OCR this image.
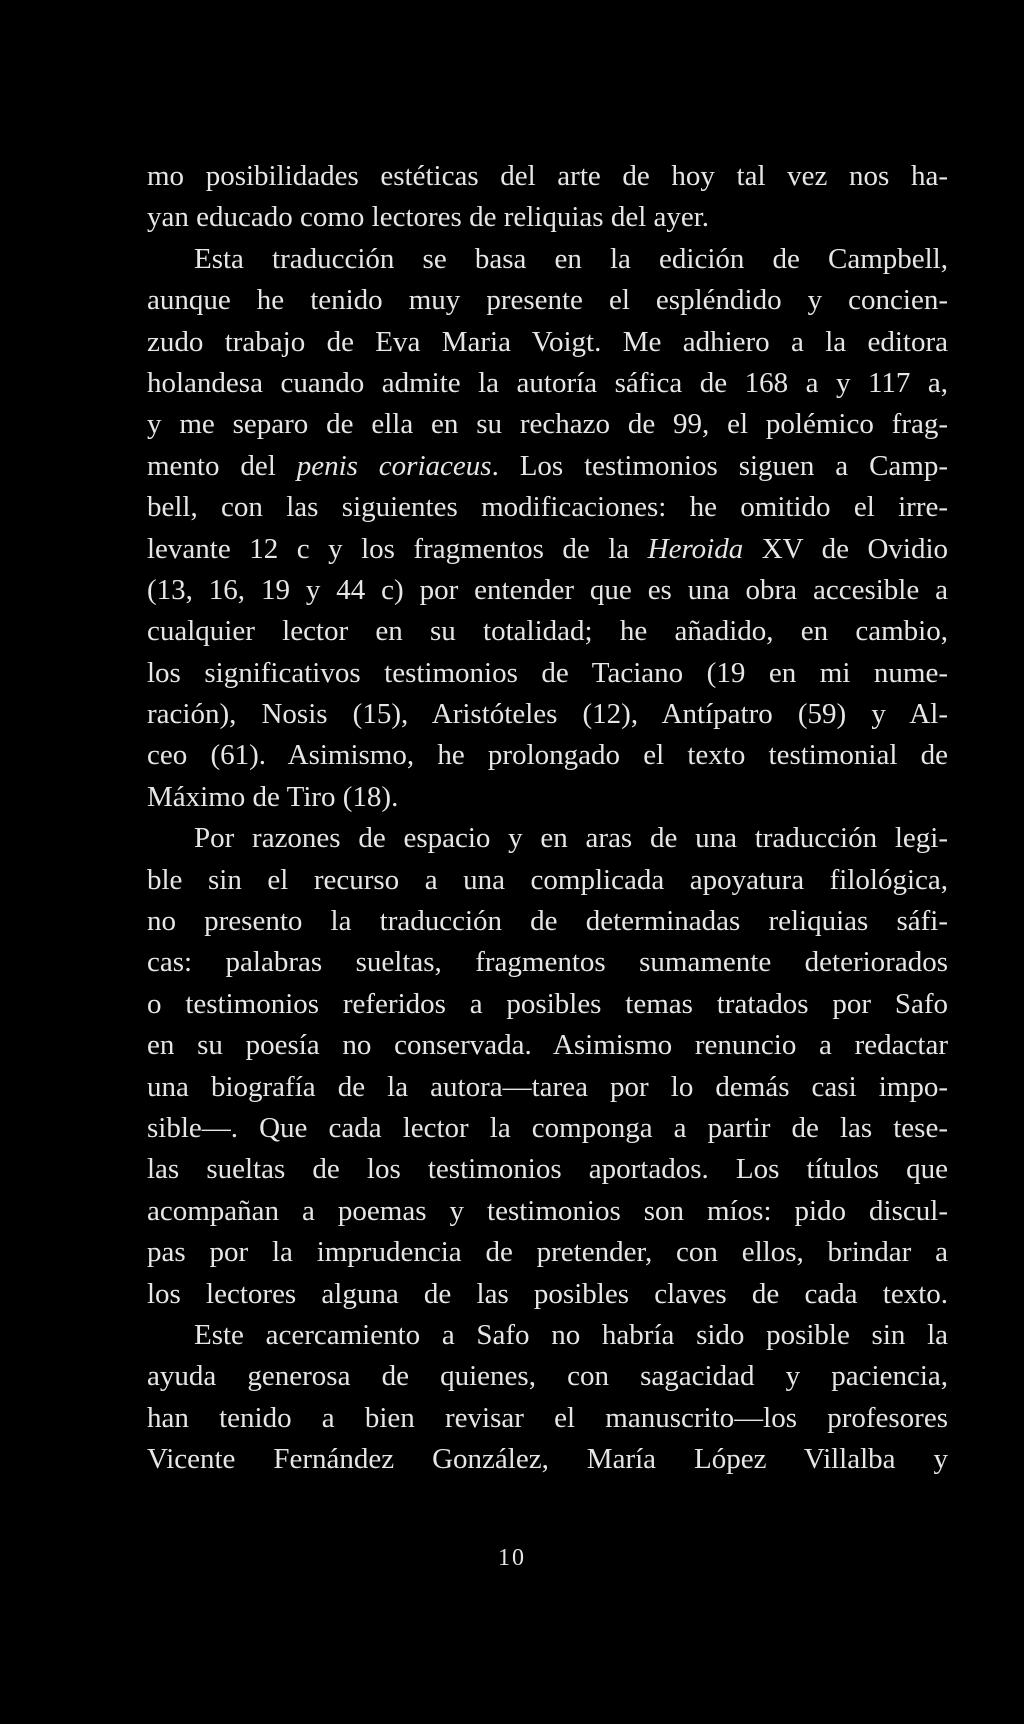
mo posibilidades estéticas del arte de hoy tal vez nos ha-
yan educado como lectores de reliquias del ayer.
Esta traducción se basa en la edición de Campbell,
aunque he tenido muy presente el espléndido y concien-
zudo trabajo de Eva Maria Voigt. Me adhiero a la editora
holandesa cuando admite la autoría sáfica de 168 a y 117 a,
y me separo de ella en su rechazo de 99, el polémico frag-
mento del penis coriaceus. Los testimonios siguen a Camp-
bell, con las siguientes modificaciones: he omitido el irre-
levante 12 c y los fragmentos de la Heroida XV de Ovidio
(13, 16, 19 y 44 c) por entender que es una obra accesible a
cualquier lector en su totalidad; he añadido, en cambio,
los significativos testimonios de Taciano (19 en mi nume-
ración), Nosis (15), Aristóteles (12), Antípatro (59) y Al-
ceo (61). Asimismo, he prolongado el texto testimonial de
Máximo de Tiro (18).
Por razones de espacio y en aras de una traducción legi-
ble sin el recurso a una complicada apoyatura filológica,
no presento la traducción de determinadas reliquias sáfi-
cas: palabras sueltas, fragmentos sumamente deteriorados
o testimonios referidos a posibles temas tratados por Safo
en su poesía no conservada. Asimismo renuncio a redactar
una biografía de la autora—tarea por lo demás casi impo-
sible—. Que cada lector la componga a partir de las tese-
las sueltas de los testimonios aportados. Los títulos que
acompañan a poemas y testimonios son míos: pido discul-
pas por la imprudencia de pretender, con ellos, brindar a
los lectores alguna de las posibles claves de cada texto.
Este acercamiento a Safo no habría sido posible sin la
ayuda generosa de quienes, con sagacidad y paciencia,
han tenido a bien revisar el manuscrito—los profesores
Vicente Fernández González, María López Villalba y
10
